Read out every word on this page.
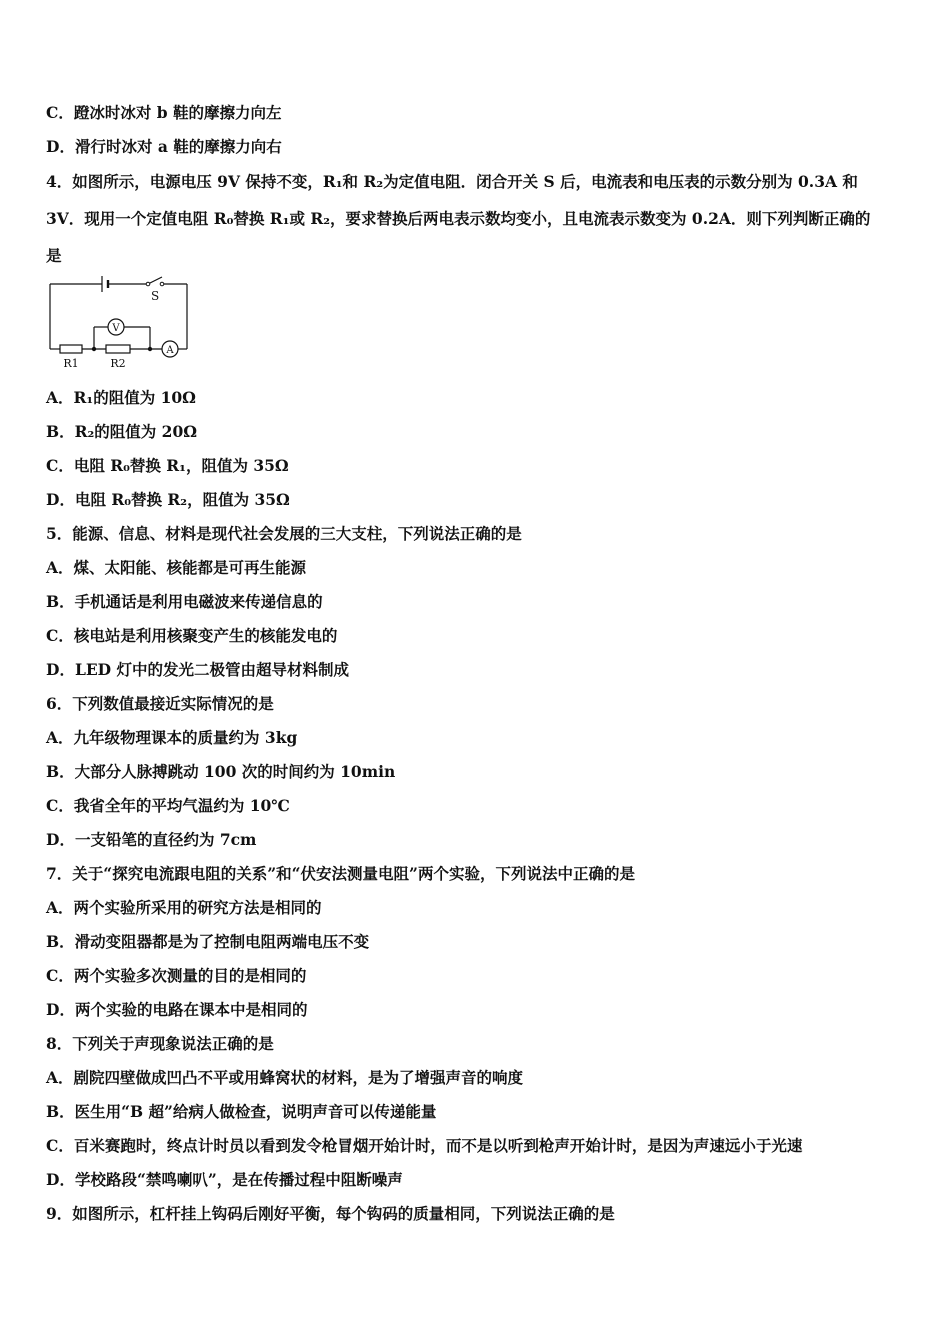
C．蹬冰时冰对 b 鞋的摩擦力向左
D．滑行时冰对 a 鞋的摩擦力向右
4．如图所示，电源电压 9V 保持不变，R₁和 R₂为定值电阻．闭合开关 S 后，电流表和电压表的示数分别为 0.3A 和
3V．现用一个定值电阻 R₀替换 R₁或 R₂，要求替换后两电表示数均变小，且电流表示数变为 0.2A．则下列判断正确的
是
S
V
A
R1	R2
A．R₁的阻值为 10Ω
B．R₂的阻值为 20Ω
C．电阻 R₀替换 R₁，阻值为 35Ω
D．电阻 R₀替换 R₂，阻值为 35Ω
5．能源、信息、材料是现代社会发展的三大支柱，下列说法正确的是
A．煤、太阳能、核能都是可再生能源
B．手机通话是利用电磁波来传递信息的
C．核电站是利用核聚变产生的核能发电的
D．LED 灯中的发光二极管由超导材料制成
6．下列数值最接近实际情况的是
A．九年级物理课本的质量约为 3kg
B．大部分人脉搏跳动 100 次的时间约为 10min
C．我省全年的平均气温约为 10℃
D．一支铅笔的直径约为 7cm
7．关于“探究电流跟电阻的关系”和“伏安法测量电阻”两个实验，下列说法中正确的是
A．两个实验所采用的研究方法是相同的
B．滑动变阻器都是为了控制电阻两端电压不变
C．两个实验多次测量的目的是相同的
D．两个实验的电路在课本中是相同的
8．下列关于声现象说法正确的是
A．剧院四壁做成凹凸不平或用蜂窝状的材料，是为了增强声音的响度
B．医生用“B 超”给病人做检查，说明声音可以传递能量
C．百米赛跑时，终点计时员以看到发令枪冒烟开始计时，而不是以听到枪声开始计时，是因为声速远小于光速
D．学校路段“禁鸣喇叭”，是在传播过程中阻断噪声
9．如图所示，杠杆挂上钩码后刚好平衡，每个钩码的质量相同，下列说法正确的是
